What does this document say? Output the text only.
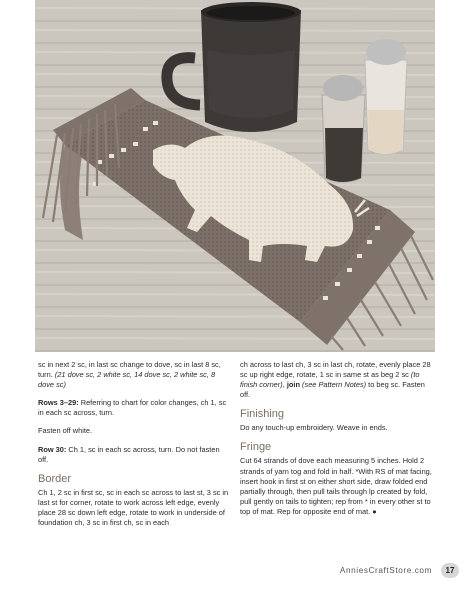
sc in next 2 sc, in last sc change to dove, sc in last 8 sc, turn. (21 dove sc, 2 white sc, 14 dove sc, 2 white sc, 8 dove sc)

Rows 3–29: Referring to chart for color changes, ch 1, sc in each sc across, turn.

Fasten off white.

Row 30: Ch 1, sc in each sc across, turn. Do not fasten off.

Border

Ch 1, 2 sc in first sc, sc in each sc across to last st, 3 sc in last st for corner, rotate to work across left edge, evenly place 28 sc down left edge, rotate to work in underside of foundation ch, 3 sc in first ch, sc in each

ch across to last ch, 3 sc in last ch, rotate, evenly place 28 sc up right edge, rotate, 1 sc in same st as beg 2 sc (to finish corner), join (see Pattern Notes) to beg sc. Fasten off.

Finishing

Do any touch-up embroidery. Weave in ends.

Fringe

Cut 64 strands of dove each measuring 5 inches. Hold 2 strands of yarn tog and fold in half. *With RS of mat facing, insert hook in first st on either short side, draw folded end partially through, then pull tails through lp created by fold, pull gently on tails to tighten; rep from * in every other st to top of mat. Rep for opposite end of mat. ●

AnniesCraftStore.com	17
